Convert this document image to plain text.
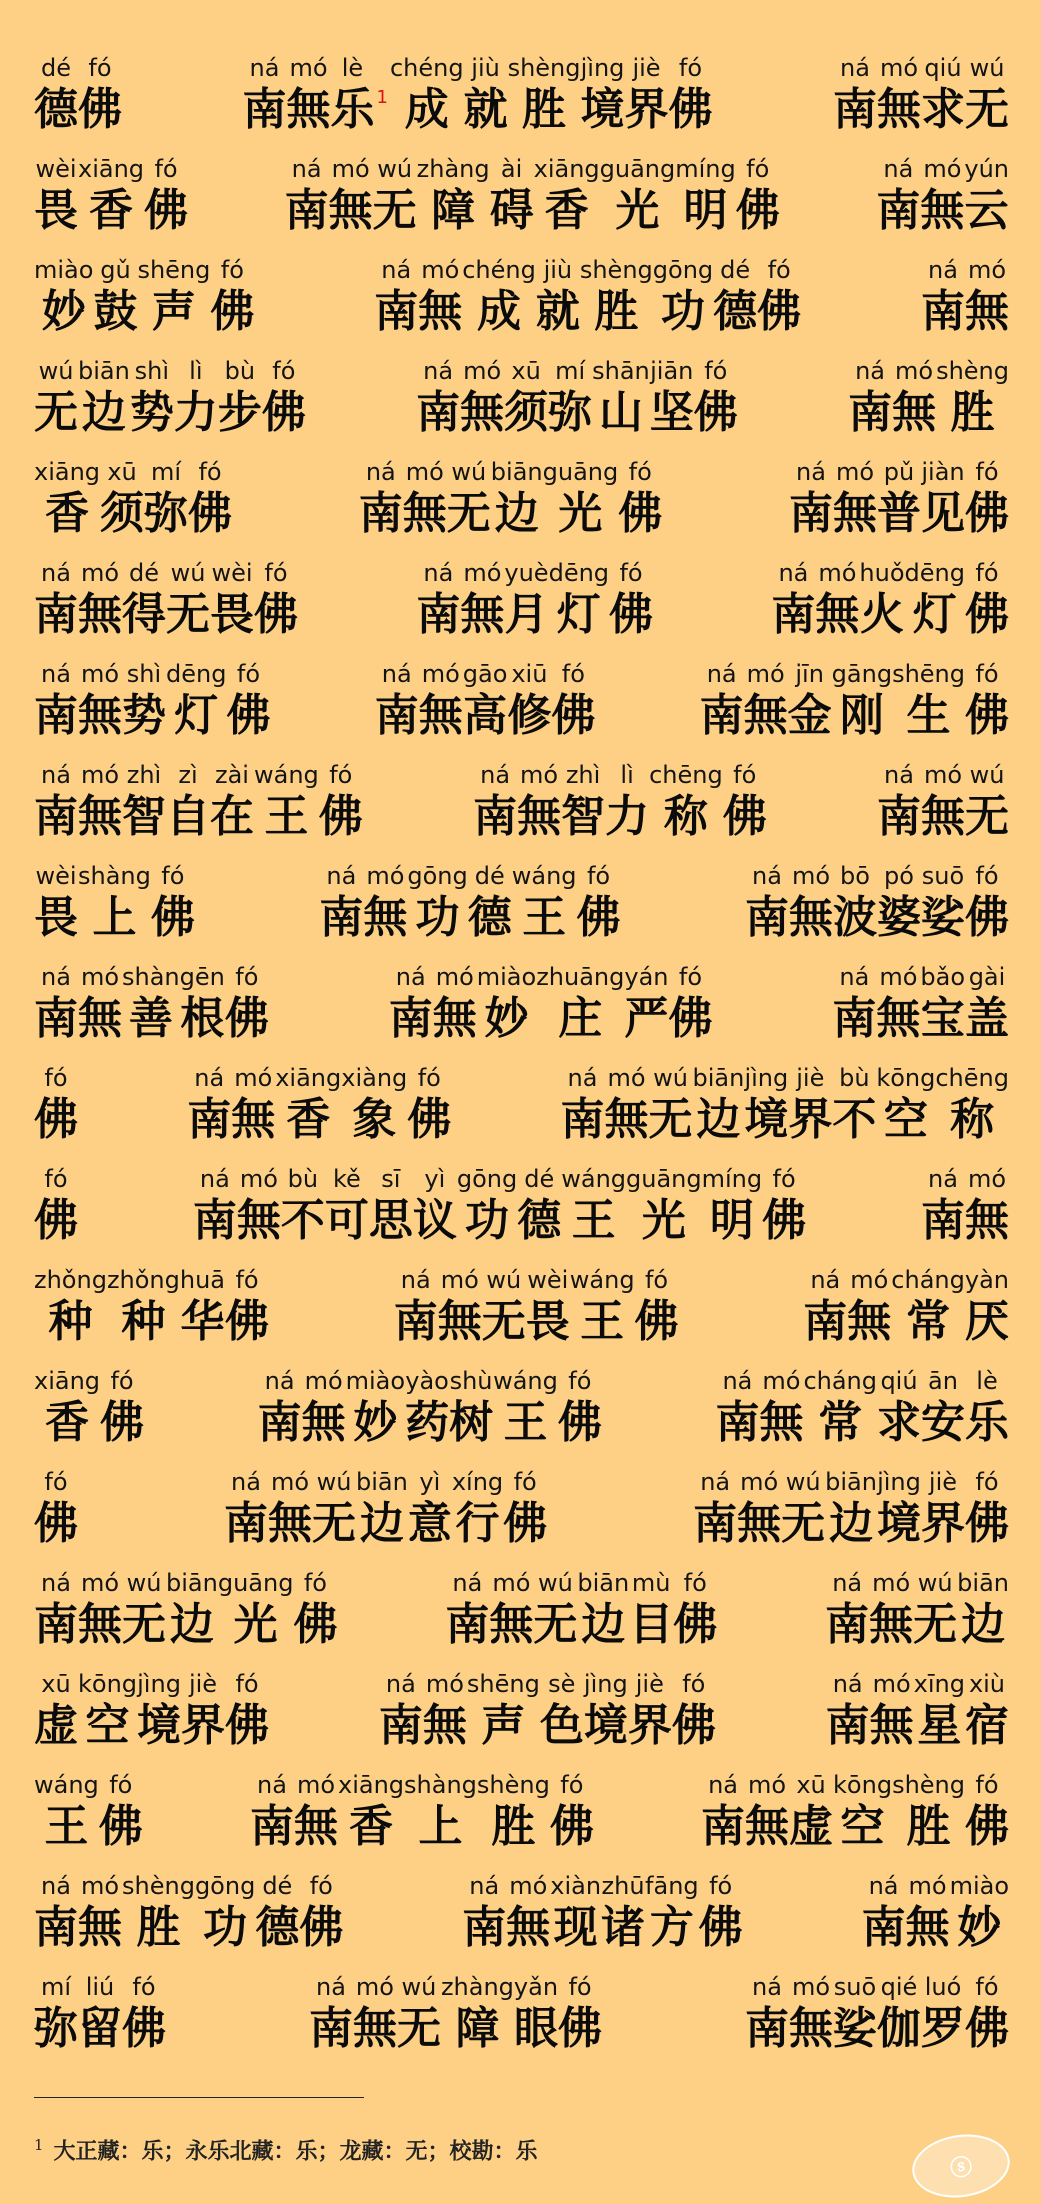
dé
德
fó
佛
ná
南
mó
無
lè
乐 1
chéng
成
jiù
就
shèng
胜
jìng
境
jiè
界
fó
佛
ná
南
mó
無
qiú
求
wú
无
wèi
畏
xiāng
香
fó
佛
ná
南
mó
無
wú
无
zhàng
障
ài
碍
xiāng
香
guāng
光
míng
明
fó
佛
ná
南
mó
無
yún
云
miào
妙
gǔ
鼓
shēng
声
fó
佛
ná
南
mó
無
chéng
成
jiù
就
shèng
胜
gōng
功
dé
德
fó
佛
ná
南
mó
無
wú
无
biān
边
shì
势
lì
力
bù
步
fó
佛
ná
南
mó
無
xū
须
mí
弥
shān
山
jiān
坚
fó
佛
ná
南
mó
無
shèng
胜
xiāng
香
xū
须
mí
弥
fó
佛
ná
南
mó
無
wú
无
biān
边
guāng
光
fó
佛
ná
南
mó
無
pǔ
普
jiàn
见
fó
佛
ná
南
mó
無
dé
得
wú
无
wèi
畏
fó
佛
ná
南
mó
無
yuè
月
dēng
灯
fó
佛
ná
南
mó
無
huǒ
火
dēng
灯
fó
佛
ná
南
mó
無
shì
势
dēng
灯
fó
佛
ná
南
mó
無
gāo
高
xiū
修
fó
佛
ná
南
mó
無
jīn
金
gāng
刚
shēng
生
fó
佛
ná
南
mó
無
zhì
智
zì
自
zài
在
wáng
王
fó
佛
ná
南
mó
無
zhì
智
lì
力
chēng
称
fó
佛
ná
南
mó
無
wú
无
wèi
畏
shàng
上
fó
佛
ná
南
mó
無
gōng
功
dé
德
wáng
王
fó
佛
ná
南
mó
無
bō
波
pó
婆
suō
娑
fó
佛
ná
南
mó
無
shàn
善
gēn
根
fó
佛
ná
南
mó
無
miào
妙
zhuāng
庄
yán
严
fó
佛
ná
南
mó
無
bǎo
宝
gài
盖
fó
佛
ná
南
mó
無
xiāng
香
xiàng
象
fó
佛
ná
南
mó
無
wú
无
biān
边
jìng
境
jiè
界
bù
不
kōng
空
chēng
称
fó
佛
ná
南
mó
無
bù
不
kě
可
sī
思
yì
议
gōng
功
dé
德
wáng
王
guāng
光
míng
明
fó
佛
ná
南
mó
無
zhǒng
种
zhǒng
种
huā
华
fó
佛
ná
南
mó
無
wú
无
wèi
畏
wáng
王
fó
佛
ná
南
mó
無
cháng
常
yàn
厌
xiāng
香
fó
佛
ná
南
mó
無
miào
妙
yào
药
shù
树
wáng
王
fó
佛
ná
南
mó
無
cháng
常
qiú
求
ān
安
lè
乐
fó
佛
ná
南
mó
無
wú
无
biān
边
yì
意
xíng
行
fó
佛
ná
南
mó
無
wú
无
biān
边
jìng
境
jiè
界
fó
佛
ná
南
mó
無
wú
无
biān
边
guāng
光
fó
佛
ná
南
mó
無
wú
无
biān
边
mù
目
fó
佛
ná
南
mó
無
wú
无
biān
边
xū
虚
kōng
空
jìng
境
jiè
界
fó
佛
ná
南
mó
無
shēng
声
sè
色
jìng
境
jiè
界
fó
佛
ná
南
mó
無
xīng
星
xiù
宿
wáng
王
fó
佛
ná
南
mó
無
xiāng
香
shàng
上
shèng
胜
fó
佛
ná
南
mó
無
xū
虚
kōng
空
shèng
胜
fó
佛
ná
南
mó
無
shèng
胜
gōng
功
dé
德
fó
佛
ná
南
mó
無
xiàn
现
zhū
诸
fāng
方
fó
佛
ná
南
mó
無
miào
妙
mí
弥
liú
留
fó
佛
ná
南
mó
無
wú
无
zhàng
障
yǎn
眼
fó
佛
ná
南
mó
無
suō
娑
qié
伽
luó
罗
fó
佛
$^1$ 大正藏：乐；永乐北藏：乐；龙藏：无；校勘：乐
ⓢ
